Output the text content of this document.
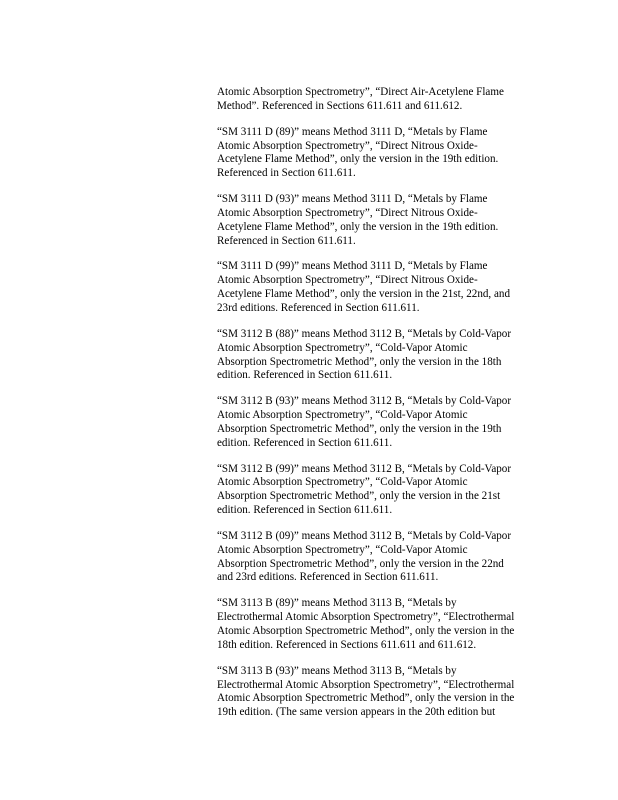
Atomic Absorption Spectrometry”, “Direct Air-Acetylene Flame
Method”. Referenced in Sections 611.611 and 611.612.

“SM 3111 D (89)” means Method 3111 D, “Metals by Flame
Atomic Absorption Spectrometry”, “Direct Nitrous Oxide-
Acetylene Flame Method”, only the version in the 19th edition.
Referenced in Section 611.611.

“SM 3111 D (93)” means Method 3111 D, “Metals by Flame
Atomic Absorption Spectrometry”, “Direct Nitrous Oxide-
Acetylene Flame Method”, only the version in the 19th edition.
Referenced in Section 611.611.

“SM 3111 D (99)” means Method 3111 D, “Metals by Flame
Atomic Absorption Spectrometry”, “Direct Nitrous Oxide-
Acetylene Flame Method”, only the version in the 21st, 22nd, and
23rd editions. Referenced in Section 611.611.

“SM 3112 B (88)” means Method 3112 B, “Metals by Cold-Vapor
Atomic Absorption Spectrometry”, “Cold-Vapor Atomic
Absorption Spectrometric Method”, only the version in the 18th
edition. Referenced in Section 611.611.

“SM 3112 B (93)” means Method 3112 B, “Metals by Cold-Vapor
Atomic Absorption Spectrometry”, “Cold-Vapor Atomic
Absorption Spectrometric Method”, only the version in the 19th
edition. Referenced in Section 611.611.

“SM 3112 B (99)” means Method 3112 B, “Metals by Cold-Vapor
Atomic Absorption Spectrometry”, “Cold-Vapor Atomic
Absorption Spectrometric Method”, only the version in the 21st
edition. Referenced in Section 611.611.

“SM 3112 B (09)” means Method 3112 B, “Metals by Cold-Vapor
Atomic Absorption Spectrometry”, “Cold-Vapor Atomic
Absorption Spectrometric Method”, only the version in the 22nd
and 23rd editions. Referenced in Section 611.611.

“SM 3113 B (89)” means Method 3113 B, “Metals by
Electrothermal Atomic Absorption Spectrometry”, “Electrothermal
Atomic Absorption Spectrometric Method”, only the version in the
18th edition. Referenced in Sections 611.611 and 611.612.

“SM 3113 B (93)” means Method 3113 B, “Metals by
Electrothermal Atomic Absorption Spectrometry”, “Electrothermal
Atomic Absorption Spectrometric Method”, only the version in the
19th edition. (The same version appears in the 20th edition but
